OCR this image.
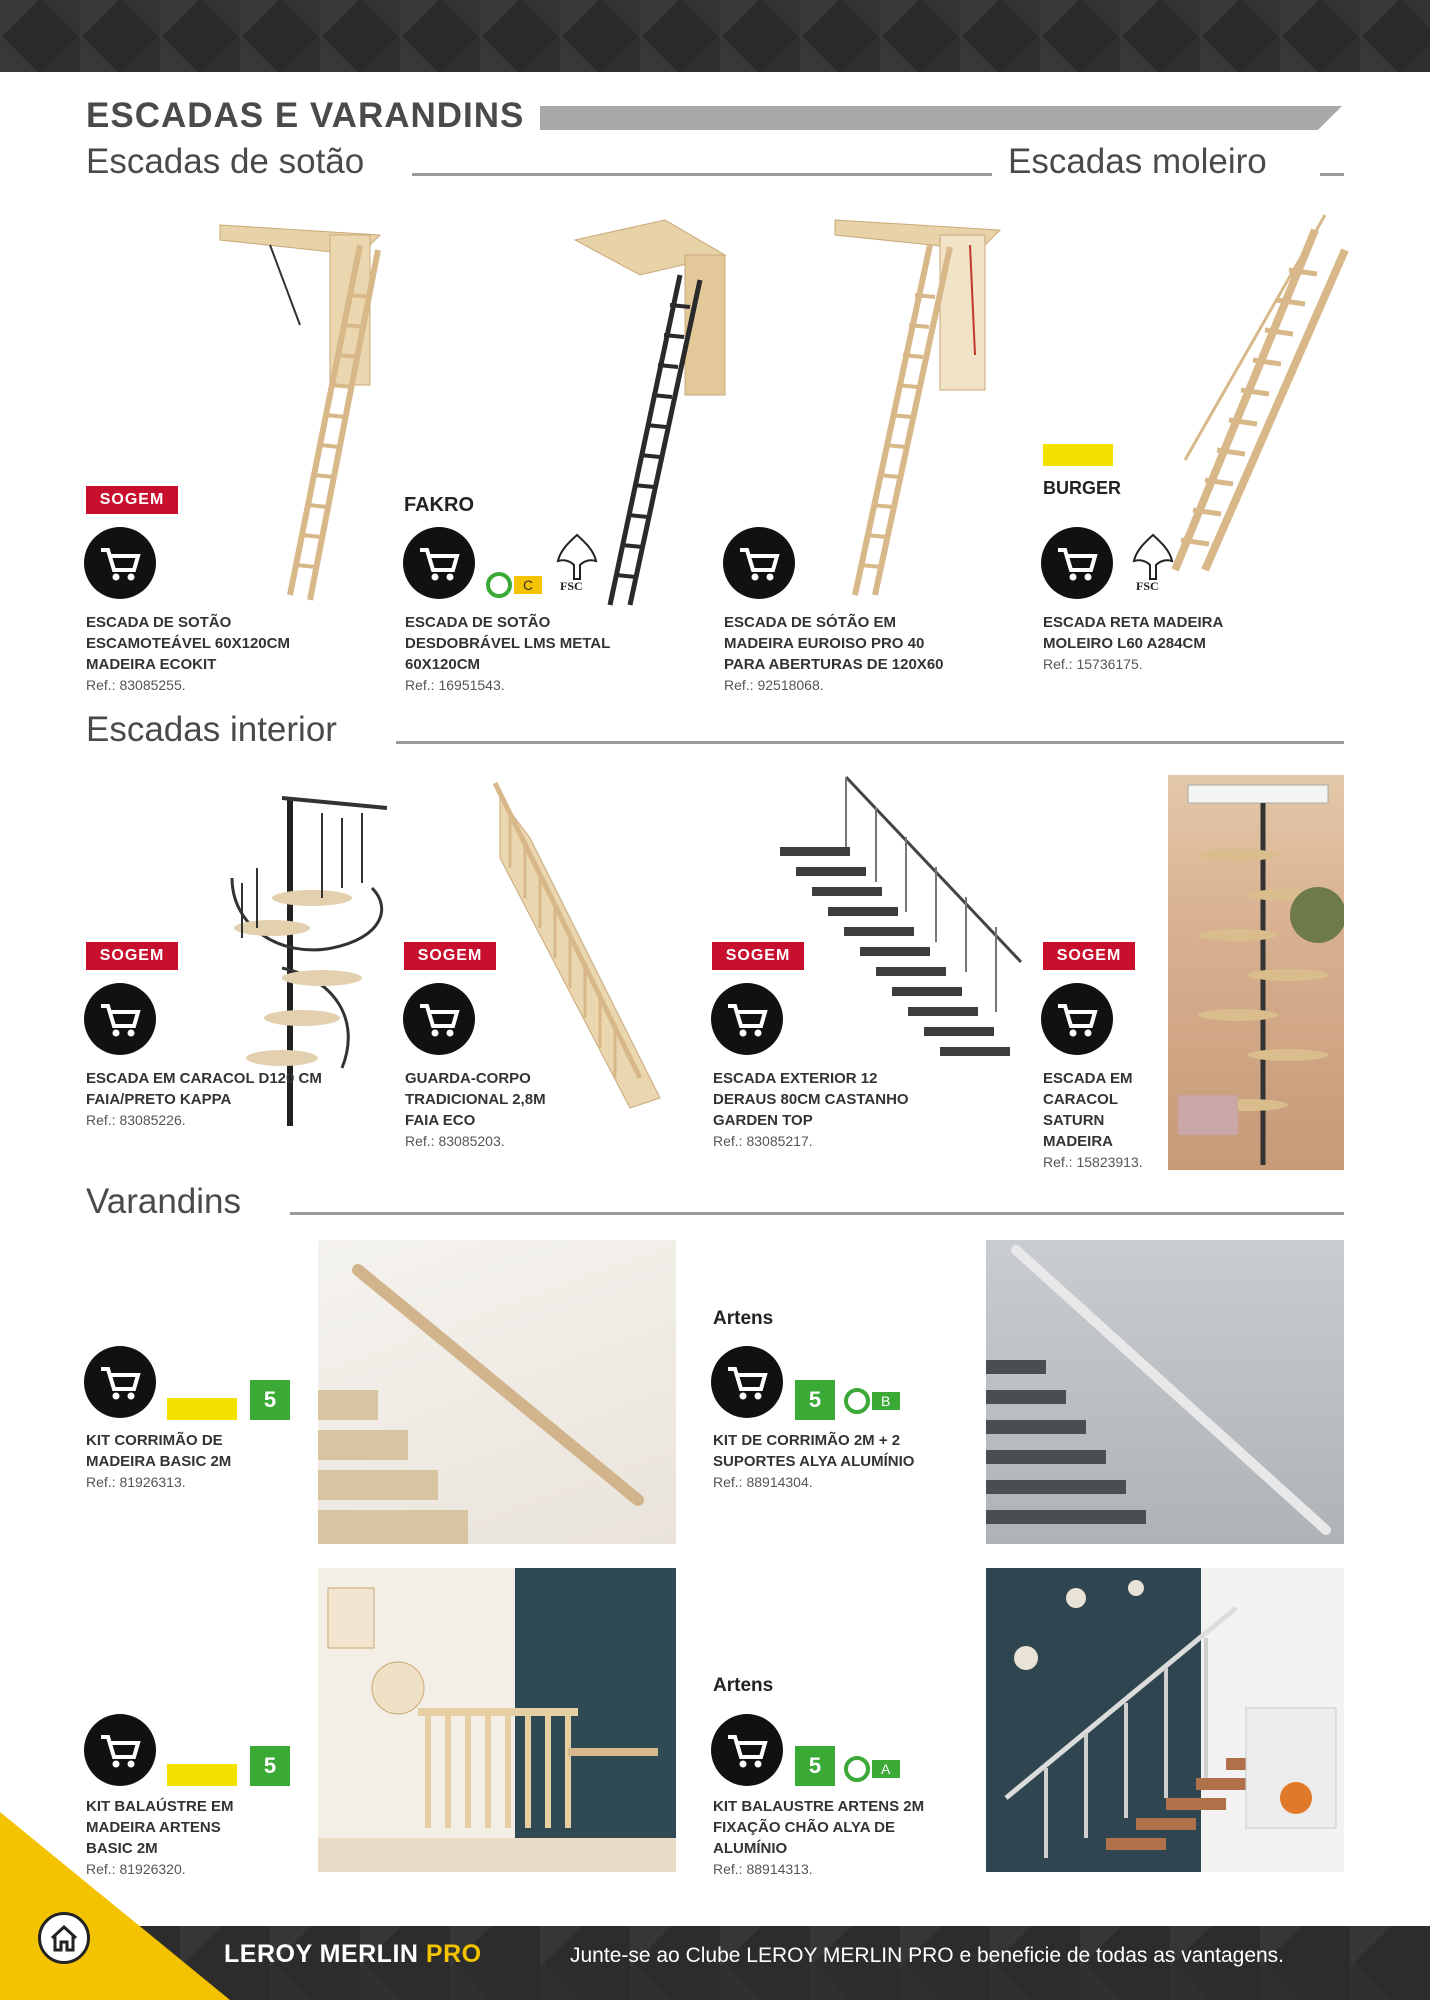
ESCADAS E VARANDINS
Escadas de sotão	Escadas moleiro
SOGEM	FAKRO
BURGER
C FSC	FSC
ESCADA DE SOTÃO ESCAMOTEÁVEL 60X120CM MADEIRA ECOKIT
Ref.: 83085255.
ESCADA DE SOTÃO DESDOBRÁVEL LMS METAL 60X120CM
Ref.: 16951543.
ESCADA DE SÓTÃO EM MADEIRA EUROISO PRO 40 PARA ABERTURAS DE 120X60
Ref.: 92518068.
ESCADA RETA MADEIRA MOLEIRO L60 A284CM
Ref.: 15736175.
Escadas interior
SOGEM	SOGEM	SOGEM	SOGEM
ESCADA EM CARACOL D120 CM FAIA/PRETO KAPPA
Ref.: 83085226.
GUARDA-CORPO TRADICIONAL 2,8M FAIA ECO
Ref.: 83085203.
ESCADA EXTERIOR 12 DERAUS 80CM CASTANHO GARDEN TOP
Ref.: 83085217.
ESCADA EM CARACOL SATURN MADEIRA
Ref.: 15823913.
Varandins
5
KIT CORRIMÃO DE MADEIRA BASIC 2M
Ref.: 81926313.
Artens
5	B
KIT DE CORRIMÃO 2M + 2 SUPORTES ALYA ALUMÍNIO
Ref.: 88914304.
5
KIT BALAÚSTRE EM MADEIRA ARTENS BASIC 2M
Ref.: 81926320.
Artens
5	A
KIT BALAUSTRE ARTENS 2M FIXAÇÃO CHÃO ALYA DE ALUMÍNIO
Ref.: 88914313.
LEROY MERLIN PRO	Junte-se ao Clube LEROY MERLIN PRO e beneficie de todas as vantagens.
